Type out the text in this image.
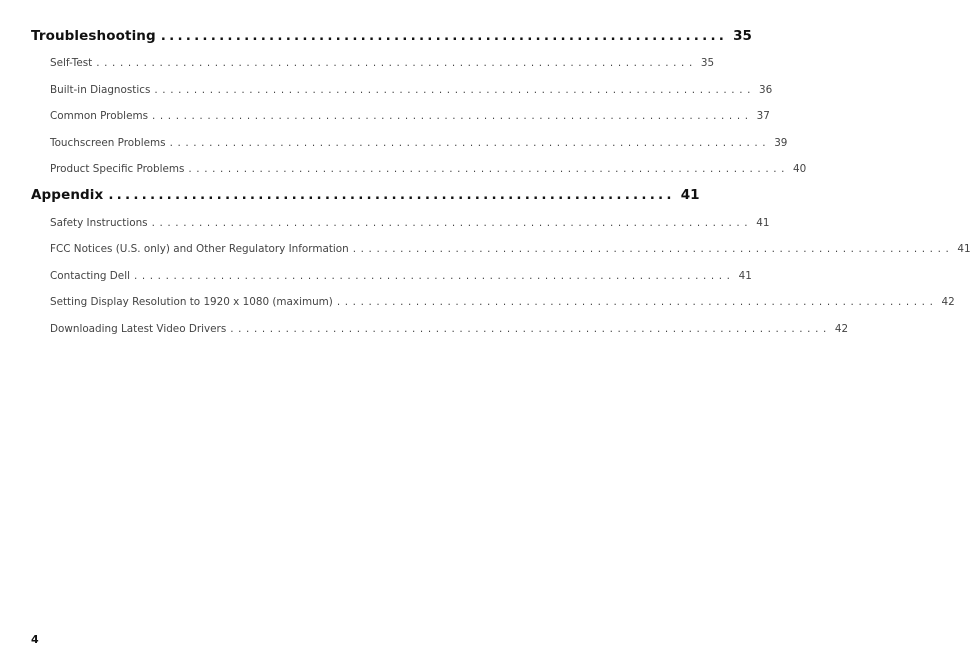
Troubleshooting .................................................................... 35
Self-Test ............................................................................ 35
Built-in Diagnostics ............................................................................ 36
Common Problems ............................................................................ 37
Touchscreen Problems ............................................................................ 39
Product Specific Problems ............................................................................ 40
Appendix .................................................................... 41
Safety Instructions ............................................................................ 41
FCC Notices (U.S. only) and Other Regulatory Information ............................................................................ 41
Contacting Dell ............................................................................ 41
Setting Display Resolution to 1920 x 1080 (maximum) ............................................................................ 42
Downloading Latest Video Drivers ............................................................................ 42
4
